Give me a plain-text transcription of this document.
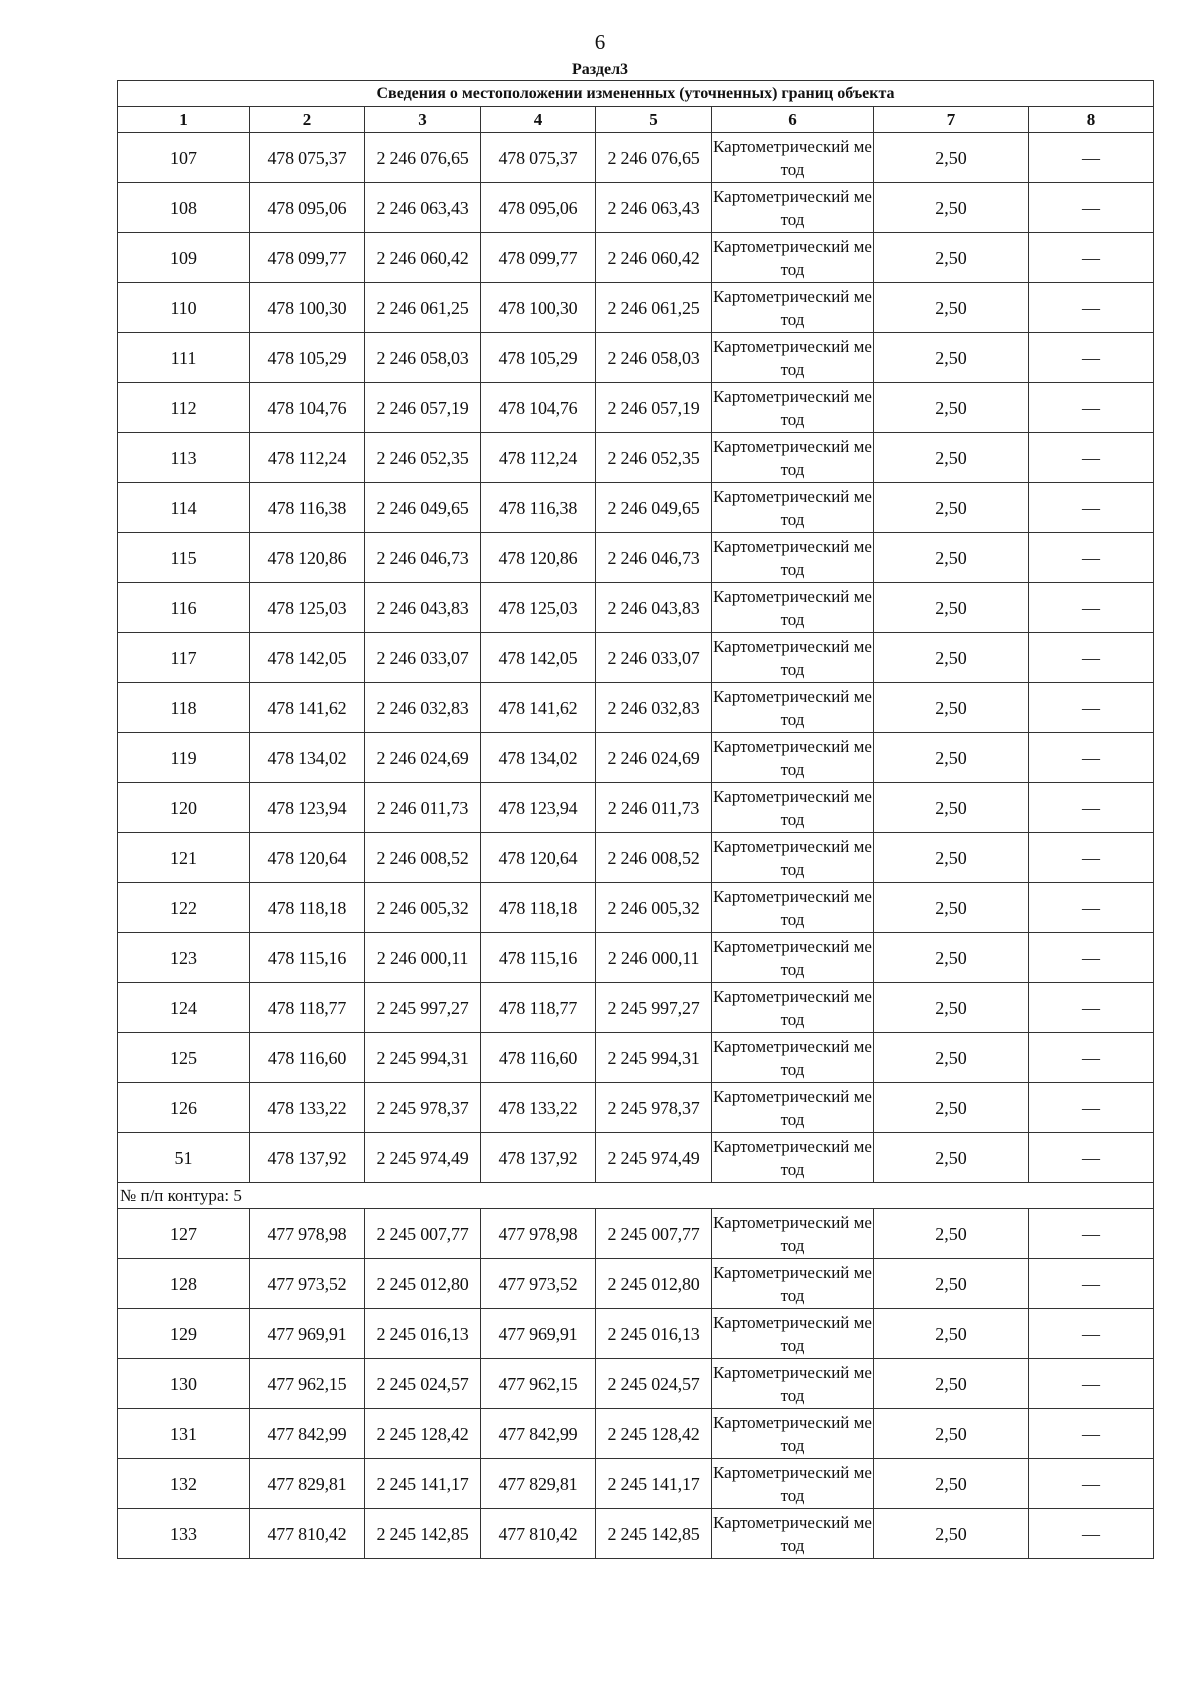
6
Раздел3
Сведения о местоположении измененных (уточненных) границ объекта							
1	2	3	4	5	6	7	8
107	478 075,37	2 246 076,65	478 075,37	2 246 076,65	Картометрический метод	2,50	—
108	478 095,06	2 246 063,43	478 095,06	2 246 063,43	Картометрический метод	2,50	—
109	478 099,77	2 246 060,42	478 099,77	2 246 060,42	Картометрический метод	2,50	—
110	478 100,30	2 246 061,25	478 100,30	2 246 061,25	Картометрический метод	2,50	—
111	478 105,29	2 246 058,03	478 105,29	2 246 058,03	Картометрический метод	2,50	—
112	478 104,76	2 246 057,19	478 104,76	2 246 057,19	Картометрический метод	2,50	—
113	478 112,24	2 246 052,35	478 112,24	2 246 052,35	Картометрический метод	2,50	—
114	478 116,38	2 246 049,65	478 116,38	2 246 049,65	Картометрический метод	2,50	—
115	478 120,86	2 246 046,73	478 120,86	2 246 046,73	Картометрический метод	2,50	—
116	478 125,03	2 246 043,83	478 125,03	2 246 043,83	Картометрический метод	2,50	—
117	478 142,05	2 246 033,07	478 142,05	2 246 033,07	Картометрический метод	2,50	—
118	478 141,62	2 246 032,83	478 141,62	2 246 032,83	Картометрический метод	2,50	—
119	478 134,02	2 246 024,69	478 134,02	2 246 024,69	Картометрический метод	2,50	—
120	478 123,94	2 246 011,73	478 123,94	2 246 011,73	Картометрический метод	2,50	—
121	478 120,64	2 246 008,52	478 120,64	2 246 008,52	Картометрический метод	2,50	—
122	478 118,18	2 246 005,32	478 118,18	2 246 005,32	Картометрический метод	2,50	—
123	478 115,16	2 246 000,11	478 115,16	2 246 000,11	Картометрический метод	2,50	—
124	478 118,77	2 245 997,27	478 118,77	2 245 997,27	Картометрический метод	2,50	—
125	478 116,60	2 245 994,31	478 116,60	2 245 994,31	Картометрический метод	2,50	—
126	478 133,22	2 245 978,37	478 133,22	2 245 978,37	Картометрический метод	2,50	—
51	478 137,92	2 245 974,49	478 137,92	2 245 974,49	Картометрический метод	2,50	—
№ п/п контура: 5							
127	477 978,98	2 245 007,77	477 978,98	2 245 007,77	Картометрический метод	2,50	—
128	477 973,52	2 245 012,80	477 973,52	2 245 012,80	Картометрический метод	2,50	—
129	477 969,91	2 245 016,13	477 969,91	2 245 016,13	Картометрический метод	2,50	—
130	477 962,15	2 245 024,57	477 962,15	2 245 024,57	Картометрический метод	2,50	—
131	477 842,99	2 245 128,42	477 842,99	2 245 128,42	Картометрический метод	2,50	—
132	477 829,81	2 245 141,17	477 829,81	2 245 141,17	Картометрический метод	2,50	—
133	477 810,42	2 245 142,85	477 810,42	2 245 142,85	Картометрический метод	2,50	—
